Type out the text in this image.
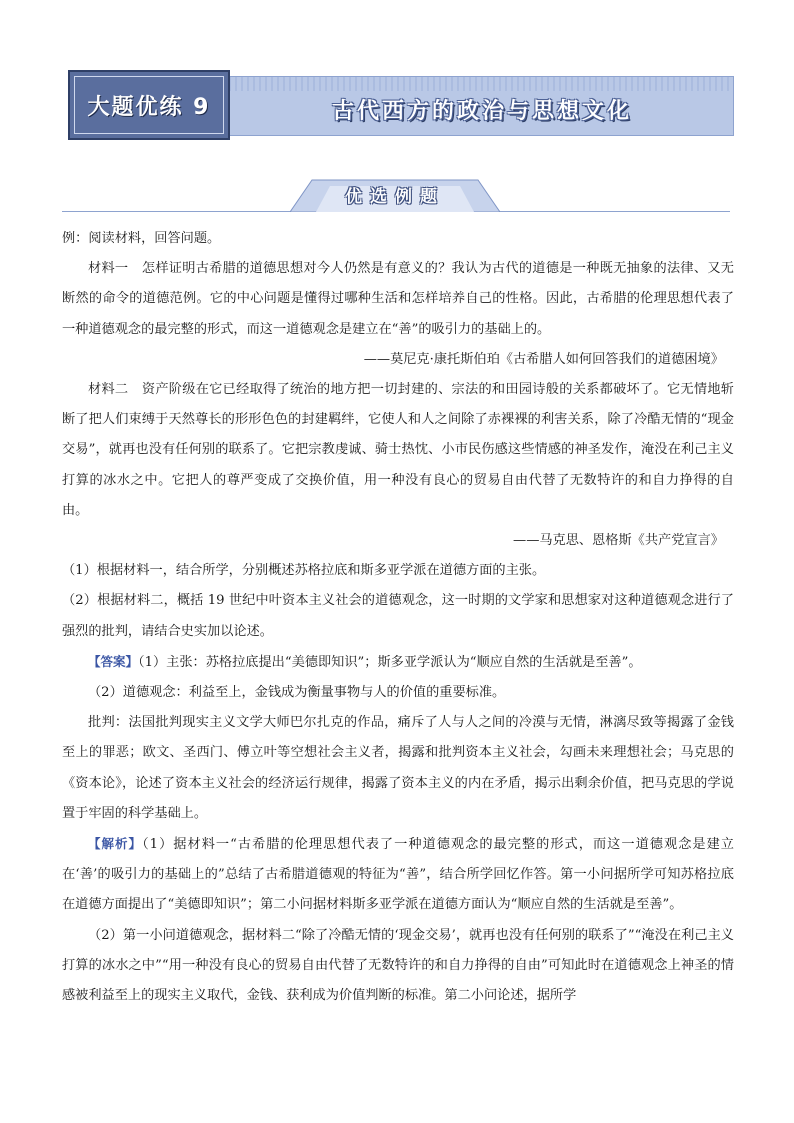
大题优练 9	古代西方的政治与思想文化
优选例题

例：阅读材料，回答问题。

材料一　怎样证明古希腊的道德思想对今人仍然是有意义的？我认为古代的道德是一种既无抽象的法律、又无断然的命令的道德范例。它的中心问题是懂得过哪种生活和怎样培养自己的性格。因此，古希腊的伦理思想代表了一种道德观念的最完整的形式，而这一道德观念是建立在“善”的吸引力的基础上的。

——莫尼克·康托斯伯珀《古希腊人如何回答我们的道德困境》

材料二　资产阶级在它已经取得了统治的地方把一切封建的、宗法的和田园诗般的关系都破坏了。它无情地斩断了把人们束缚于天然尊长的形形色色的封建羁绊，它使人和人之间除了赤裸裸的利害关系，除了冷酷无情的“现金交易”，就再也没有任何别的联系了。它把宗教虔诚、骑士热忱、小市民伤感这些情感的神圣发作，淹没在利己主义打算的冰水之中。它把人的尊严变成了交换价值，用一种没有良心的贸易自由代替了无数特许的和自力挣得的自由。

——马克思、恩格斯《共产党宣言》

（1）根据材料一，结合所学，分别概述苏格拉底和斯多亚学派在道德方面的主张。

（2）根据材料二，概括 19 世纪中叶资本主义社会的道德观念，这一时期的文学家和思想家对这种道德观念进行了强烈的批判，请结合史实加以论述。

【答案】（1）主张：苏格拉底提出“美德即知识”；斯多亚学派认为“顺应自然的生活就是至善”。

（2）道德观念：利益至上，金钱成为衡量事物与人的价值的重要标准。

批判：法国批判现实主义文学大师巴尔扎克的作品，痛斥了人与人之间的冷漠与无情，淋漓尽致等揭露了金钱至上的罪恶；欧文、圣西门、傅立叶等空想社会主义者，揭露和批判资本主义社会，勾画未来理想社会；马克思的《资本论》，论述了资本主义社会的经济运行规律，揭露了资本主义的内在矛盾，揭示出剩余价值，把马克思的学说置于牢固的科学基础上。

【解析】（1）据材料一“古希腊的伦理思想代表了一种道德观念的最完整的形式，而这一道德观念是建立在‘善’的吸引力的基础上的”总结了古希腊道德观的特征为“善”，结合所学回忆作答。第一小问据所学可知苏格拉底在道德方面提出了“美德即知识”；第二小问据材料斯多亚学派在道德方面认为“顺应自然的生活就是至善”。

（2）第一小问道德观念，据材料二“除了冷酷无情的‘现金交易’，就再也没有任何别的联系了”“淹没在利己主义打算的冰水之中”“用一种没有良心的贸易自由代替了无数特许的和自力挣得的自由”可知此时在道德观念上神圣的情感被利益至上的现实主义取代，金钱、获利成为价值判断的标准。第二小问论述，据所学
